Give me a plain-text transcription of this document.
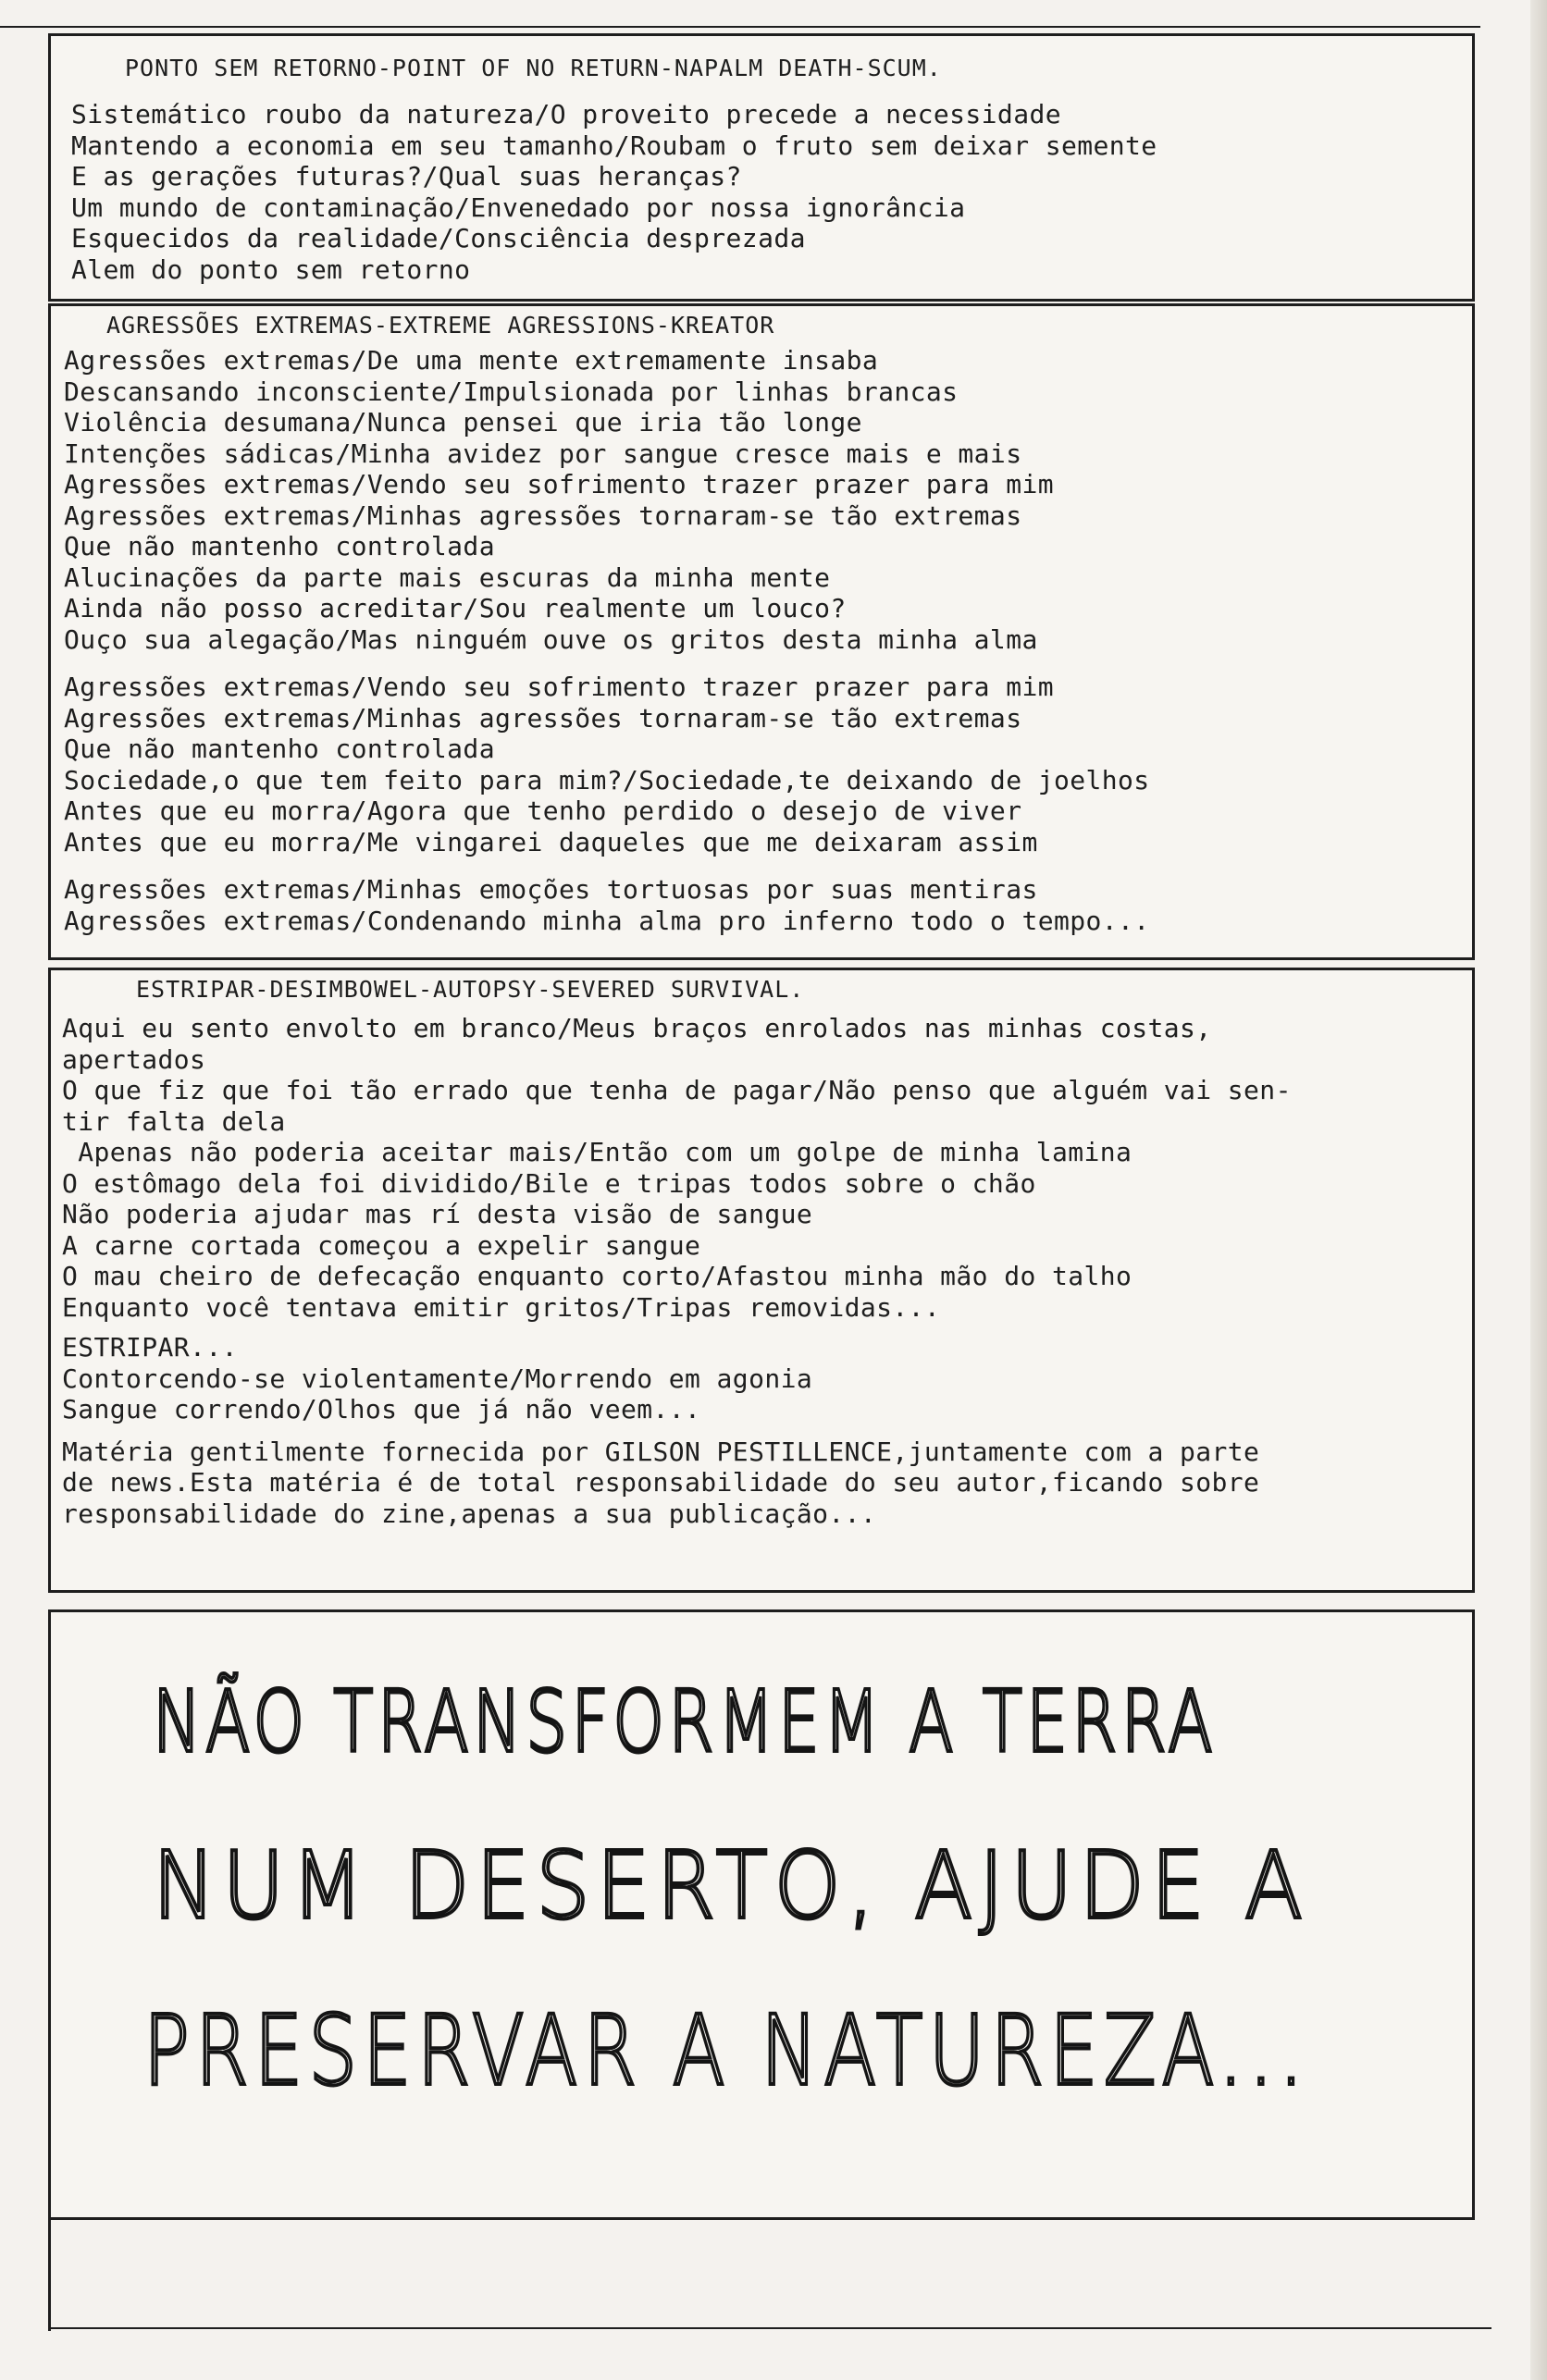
PONTO SEM RETORNO-POINT OF NO RETURN-NAPALM DEATH-SCUM.

Sistemático roubo da natureza/O proveito precede a necessidade
Mantendo a economia em seu tamanho/Roubam o fruto sem deixar semente
E as gerações futuras?/Qual suas heranças?
Um mundo de contaminação/Envenedado por nossa ignorância
Esquecidos da realidade/Consciência desprezada
Alem do ponto sem retorno

AGRESSÕES EXTREMAS-EXTREME AGRESSIONS-KREATOR

Agressões extremas/De uma mente extremamente insaba
Descansando inconsciente/Impulsionada por linhas brancas
Violência desumana/Nunca pensei que iria tão longe
Intenções sádicas/Minha avidez por sangue cresce mais e mais
Agressões extremas/Vendo seu sofrimento trazer prazer para mim
Agressões extremas/Minhas agressões tornaram-se tão extremas
Que não mantenho controlada
Alucinações da parte mais escuras da minha mente
Ainda não posso acreditar/Sou realmente um louco?
Ouço sua alegação/Mas ninguém ouve os gritos desta minha alma
Agressões extremas/Vendo seu sofrimento trazer prazer para mim
Agressões extremas/Minhas agressões tornaram-se tão extremas
Que não mantenho controlada
Sociedade,o que tem feito para mim?/Sociedade,te deixando de joelhos
Antes que eu morra/Agora que tenho perdido o desejo de viver
Antes que eu morra/Me vingarei daqueles que me deixaram assim
Agressões extremas/Minhas emoções tortuosas por suas mentiras
Agressões extremas/Condenando minha alma pro inferno todo o tempo...

ESTRIPAR-DESIMBOWEL-AUTOPSY-SEVERED SURVIVAL.

Aqui eu sento envolto em branco/Meus braços enrolados nas minhas costas,
apertados
O que fiz que foi tão errado que tenha de pagar/Não penso que alguém vai sen-
tir falta dela
Apenas não poderia aceitar mais/Então com um golpe de minha lamina
O estômago dela foi dividido/Bile e tripas todos sobre o chão
Não poderia ajudar mas rí desta visão de sangue
A carne cortada começou a expelir sangue
O mau cheiro de defecação enquanto corto/Afastou minha mão do talho
Enquanto você tentava emitir gritos/Tripas removidas...
ESTRIPAR...
Contorcendo-se violentamente/Morrendo em agonia
Sangue correndo/Olhos que já não veem...
Matéria gentilmente fornecida por GILSON PESTILLENCE,juntamente com a parte
de news.Esta matéria é de total responsabilidade do seu autor,ficando sobre
responsabilidade do zine,apenas a sua publicação...
NÃO TRANSFORMEM A TERRA
NUM DESERTO, AJUDE A
PRESERVAR A NATUREZA...
